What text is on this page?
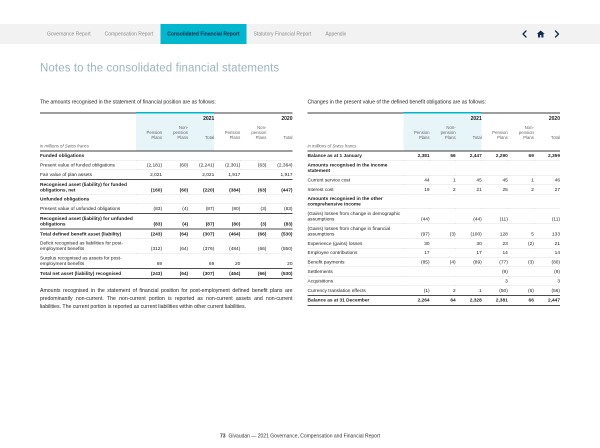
Governance Report	Compensation Report	Consolidated Financial Report	Statutory Financial Report	Appendix
Notes to the consolidated financial statements

The amounts recognised in the statement of financial position are as follows:

	2021			2020		
	Pension Plans	Non-pension Plans	Total	Pension Plans	Non-pension Plans	Total
in millions of Swiss francs						
Funded obligations						
Present value of funded obligations	(2,181)	(60)	(2,241)	(2,301)	(63)	(2,364)
Fair value of plan assets	2,021		2,021	1,917		1,917
Recognised asset (liability) for funded obligations, net	(160)	(60)	(220)	(384)	(63)	(447)
Unfunded obligations						
Present value of unfunded obligations	(83)	(4)	(87)	(80)	(3)	(83)
Recognised asset (liability) for unfunded obligations	(83)	(4)	(87)	(80)	(3)	(83)
Total defined benefit asset (liability)	(243)	(64)	(307)	(464)	(66)	(530)
Deficit recognised as liabilities for post-employment benefits	(312)	(64)	(376)	(484)	(66)	(550)
Surplus recognised as assets for post-employment benefits	69		69	20		20
Total net asset (liability) recognised	(243)	(64)	(307)	(464)	(66)	(530)

Amounts recognised in the statement of financial position for post-employment defined benefit plans are predominantly non-current. The non-current portion is reported as non-current assets and non-current liabilities. The current portion is reported as current liabilities within other current liabilities.

Changes in the present value of the defined benefit obligations are as follows:

	2021			2020		
	Pension Plans	Non-pension Plans	Total	Pension Plans	Non-pension Plans	Total
in millions of Swiss francs						
Balance as at 1 January	2,381	66	2,447	2,290	69	2,359
Amounts recognised in the income statement						
Current service cost	44	1	45	45	1	46
Interest cost	19	2	21	25	2	27
Amounts recognised in the other comprehensive income						
(Gains) losses from change in demographic assumptions	(44)		(44)	(11)		(11)
(Gains) losses from change in financial assumptions	(97)	(3)	(100)	128	5	133
Experience (gains) losses	30		30	23	(2)	21
Employee contributions	17		17	14		14
Benefit payments	(85)	(4)	(89)	(77)	(3)	(80)
Settlements				(9)		(9)
Acquisitions				3		3
Currency translation effects	(1)	2	1	(50)	(6)	(56)
Balance as at 31 December	2,264	64	2,328	2,381	66	2,447
73 Givaudan — 2021 Governance, Compensation and Financial Report
